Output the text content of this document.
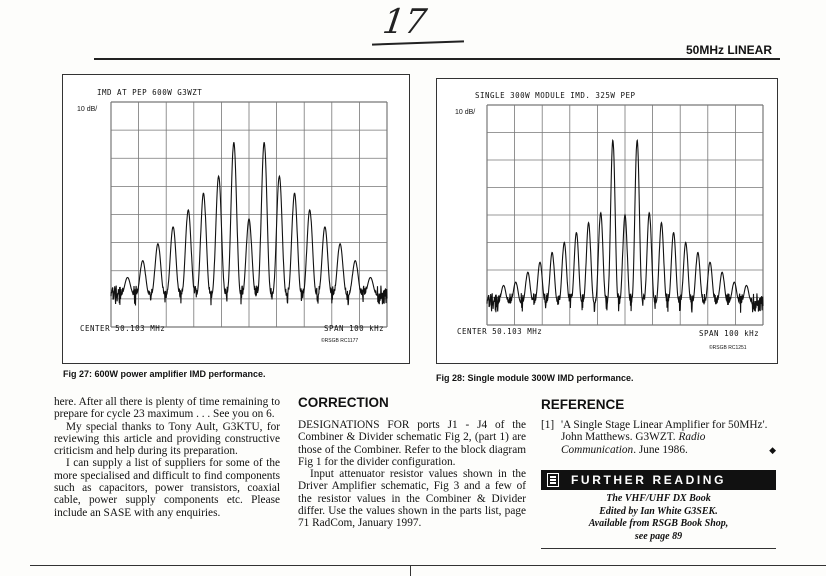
17
50MHz LINEAR
IMD AT PEP 600W G3WZT
10 dB/
CENTER 50.103 MHz	SPAN 100 kHz
©RSGB RC1177
Fig 27: 600W power amplifier IMD performance.
SINGLE 300W MODULE IMD. 325W PEP
10 dB/
CENTER 50.103 MHz	SPAN 100 kHz
©RSGB RC1251
Fig 28: Single module 300W IMD performance.

here. After all there is plenty of time remaining to prepare for cycle 23 maximum . . . See you on 6.

My special thanks to Tony Ault, G3KTU, for reviewing this article and providing constructive criticism and help during its preparation.

I can supply a list of suppliers for some of the more specialised and difficult to find components such as capacitors, power transistors, coaxial cable, power supply components etc. Please include an SASE with any enquiries.

CORRECTION

DESIGNATIONS FOR ports J1 - J4 of the Combiner & Divider schematic Fig 2, (part 1) are those of the Combiner. Refer to the block diagram Fig 1 for the divider configuration.

Input attenuator resistor values shown in the Driver Amplifier schematic, Fig 3 and a few of the resistor values in the Combiner & Divider differ. Use the values shown in the parts list, page 71 RadCom, January 1997.

REFERENCE
[1] 'A Single Stage Linear Amplifier for 50MHz'. John Matthews. G3WZT. Radio Communication. June 1986.	◆
FURTHER READING
The VHF/UHF DX Book
Edited by Ian White G3SEK.
Available from RSGB Book Shop,
see page 89
